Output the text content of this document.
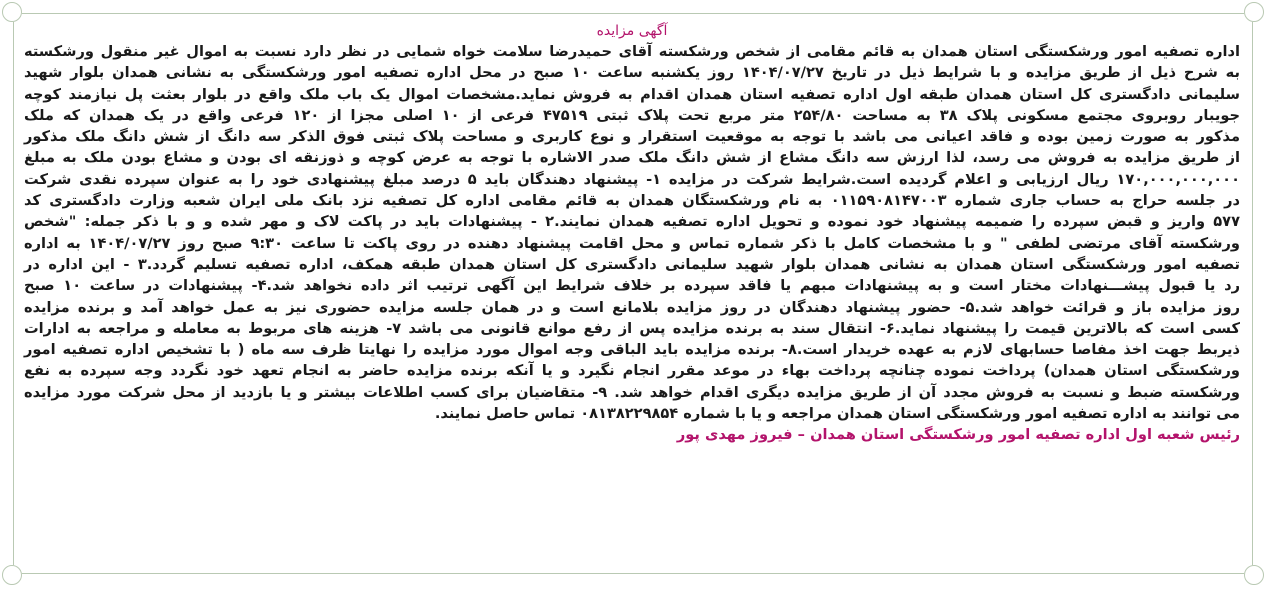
آگهی مزایده
اداره تصفیه امور ورشکستگی استان همدان به قائم مقامی از شخص ورشکسته آقای حمیدرضا سلامت خواه شمایی در نظر دارد نسبت به اموال غیر منقول ورشکسته
به شرح ذیل از طریق مزایده و با شرایط ذیل در تاریخ ۱۴۰۴/۰۷/۲۷ روز یکشنبه ساعت ۱۰ صبح در محل اداره تصفیه امور ورشکستگی به نشانی همدان بلوار شهید
سلیمانی دادگستری کل استان همدان طبقه اول اداره تصفیه استان همدان اقدام به فروش نماید.مشخصات اموال یک باب ملک واقع در بلوار بعثت پل نیازمند کوچه
جویبار روبروی مجتمع مسکونی پلاک ۳۸ به مساحت ۲۵۴/۸۰ متر مربع تحت پلاک ثبتی ۴۷۵۱۹ فرعی از ۱۰ اصلی مجزا از ۱۲۰ فرعی واقع در یک همدان که ملک
مذکور به صورت زمین بوده و فاقد اعیانی می باشد با توجه به موقعیت استقرار و نوع کاربری و مساحت پلاک ثبتی فوق الذکر سه دانگ از شش دانگ ملک مذکور
از طریق مزایده به فروش می رسد، لذا ارزش سه دانگ مشاع از شش دانگ ملک صدر الاشاره با توجه به عرض کوچه و ذوزنقه ای بودن و مشاع بودن ملک به مبلغ
۱۷۰,۰۰۰,۰۰۰,۰۰۰ ریال ارزیابی و اعلام گردیده است.شرایط شرکت در مزایده ۱- پیشنهاد دهندگان باید ۵ درصد مبلغ پیشنهادی خود را به عنوان سپرده نقدی شرکت
در جلسه حراج به حساب جاری شماره ۰۱۱۵۹۰۸۱۴۷۰۰۳ به نام ورشکستگان همدان به قائم مقامی اداره کل تصفیه نزد بانک ملی ایران شعبه وزارت دادگستری کد
۵۷۷ واریز و قبض سپرده را ضمیمه پیشنهاد خود نموده و تحویل اداره تصفیه همدان نمایند.۲ - پیشنهادات باید در پاکت لاک و مهر شده و و با ذکر جمله: "شخص
ورشکسته آقای مرتضی لطفی " و با مشخصات کامل با ذکر شماره تماس و محل اقامت پیشنهاد دهنده در روی پاکت تا ساعت ۹:۳۰ صبح روز ۱۴۰۴/۰۷/۲۷ به اداره
تصفیه امور ورشکستگی استان همدان به نشانی همدان بلوار شهید سلیمانی دادگستری کل استان همدان طبقه همکف، اداره تصفیه تسلیم گردد.۳ - این اداره در
رد یا قبول پیشـــنهادات مختار است و به پیشنهادات مبهم یا فاقد سپرده بر خلاف شرایط این آگهی ترتیب اثر داده نخواهد شد.۴- پیشنهادات در ساعت ۱۰ صبح
روز مزایده باز و قرائت خواهد شد.۵- حضور پیشنهاد دهندگان در روز مزایده بلامانع است و در همان جلسه مزایده حضوری نیز به عمل خواهد آمد و برنده مزایده
کسی است که بالاترین قیمت را پیشنهاد نماید.۶- انتقال سند به برنده مزایده پس از رفع موانع قانونی می باشد ۷- هزینه های مربوط به معامله و مراجعه به ادارات
ذیربط جهت اخذ مفاصا حسابهای لازم به عهده خریدار است.۸- برنده مزایده باید الباقی وجه اموال مورد مزایده را نهایتا ظرف سه ماه ( با تشخیص اداره تصفیه امور
ورشکستگی استان همدان) پرداخت نموده چنانچه پرداخت بهاء در موعد مقرر انجام نگیرد و یا آنکه برنده مزایده حاضر به انجام تعهد خود نگردد وجه سپرده به نفع
ورشکسته ضبط و نسبت به فروش مجدد آن از طریق مزایده دیگری اقدام خواهد شد. ۹- متقاضیان برای کسب اطلاعات بیشتر و یا بازدید از محل شرکت مورد مزایده
می توانند به اداره تصفیه امور ورشکستگی استان همدان مراجعه و یا با شماره ۰۸۱۳۸۲۲۹۸۵۴ تماس حاصل نمایند.
رئیس شعبه اول اداره تصفیه امور ورشکستگی استان همدان – فیروز مهدی پور
